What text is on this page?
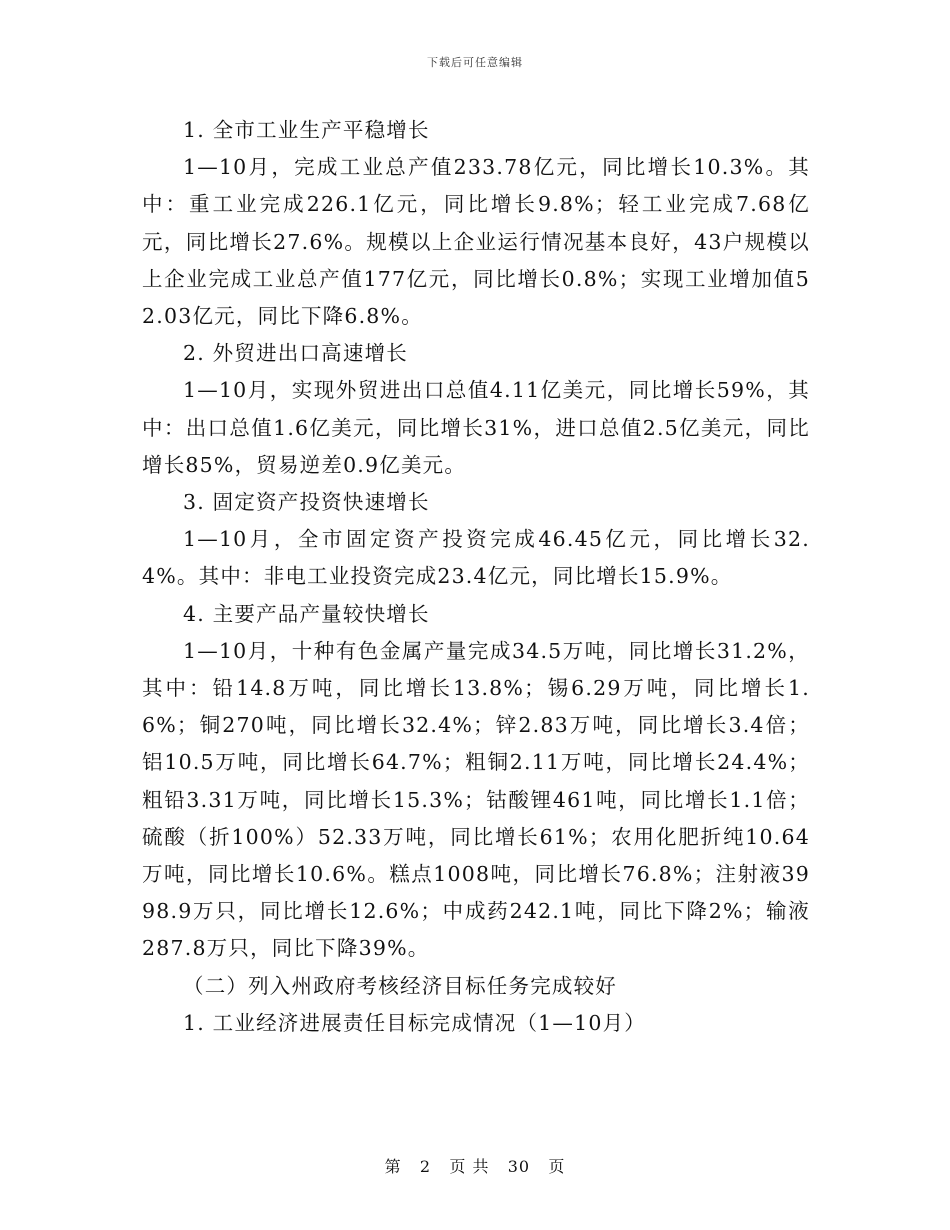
下载后可任意编辑

1. 全市工业生产平稳增长

1—10月，完成工业总产值233.78亿元，同比增长10.3%。其中：重工业完成226.1亿元，同比增长9.8%；轻工业完成7.68亿元，同比增长27.6%。规模以上企业运行情况基本良好，43户规模以上企业完成工业总产值177亿元，同比增长0.8%；实现工业增加值52.03亿元，同比下降6.8%。

2. 外贸进出口高速增长

1—10月，实现外贸进出口总值4.11亿美元，同比增长59%，其中：出口总值1.6亿美元，同比增长31%，进口总值2.5亿美元，同比增长85%，贸易逆差0.9亿美元。

3. 固定资产投资快速增长

1—10月，全市固定资产投资完成46.45亿元，同比增长32.4%。其中：非电工业投资完成23.4亿元，同比增长15.9%。

4. 主要产品产量较快增长

1—10月，十种有色金属产量完成34.5万吨，同比增长31.2%，其中：铅14.8万吨，同比增长13.8%；锡6.29万吨，同比增长1.6%；铜270吨，同比增长32.4%；锌2.83万吨，同比增长3.4倍；铝10.5万吨，同比增长64.7%；粗铜2.11万吨，同比增长24.4%；粗铅3.31万吨，同比增长15.3%；钴酸锂461吨，同比增长1.1倍；硫酸（折100%）52.33万吨，同比增长61%；农用化肥折纯10.64万吨，同比增长10.6%。糕点1008吨，同比增长76.8%；注射液3998.9万只，同比增长12.6%；中成药242.1吨，同比下降2%；输液287.8万只，同比下降39%。

（二）列入州政府考核经济目标任务完成较好

1. 工业经济进展责任目标完成情况（1—10月）

第 2 页 共 30 页
